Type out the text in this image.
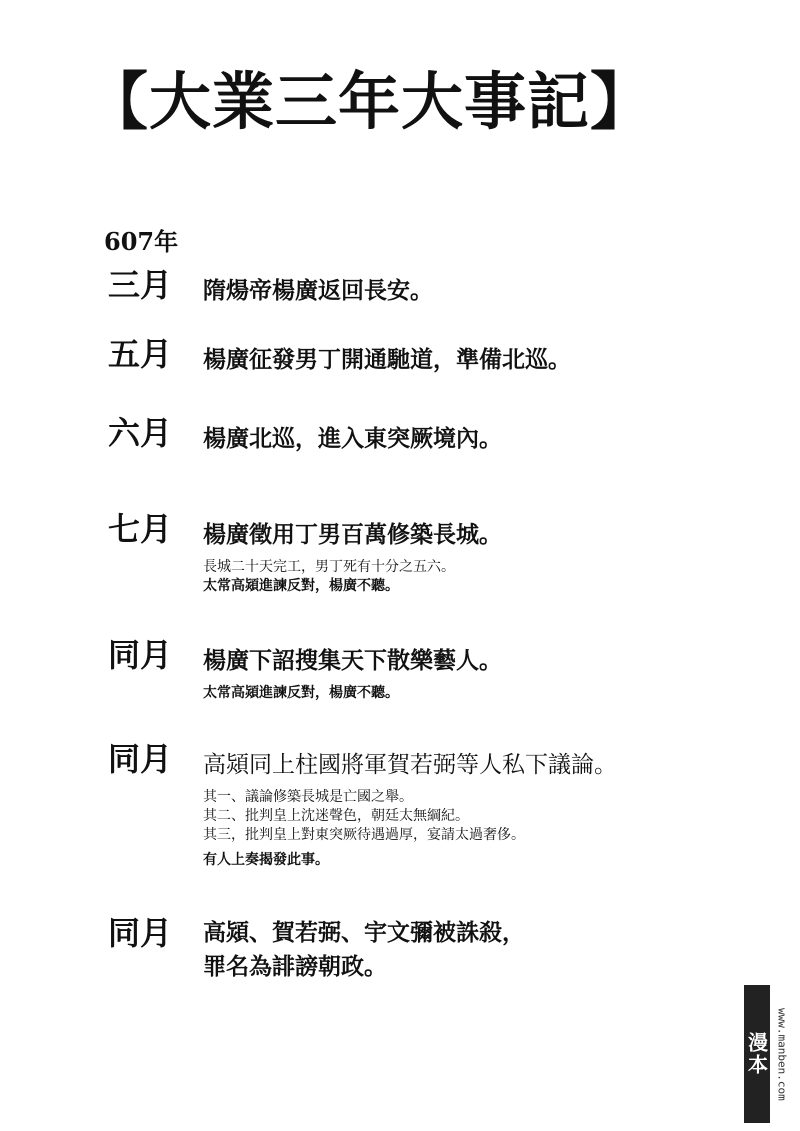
【大業三年大事記】
607年
三月 隋煬帝楊廣返回長安。
五月 楊廣征發男丁開通馳道，準備北巡。
六月 楊廣北巡，進入東突厥境內。
七月 楊廣徵用丁男百萬修築長城。
長城二十天完工，男丁死有十分之五六。
太常高熲進諫反對，楊廣不聽。
同月 楊廣下詔搜集天下散樂藝人。
太常高熲進諫反對，楊廣不聽。
同月 高熲同上柱國將軍賀若弼等人私下議論。
其一、議論修築長城是亡國之舉。
其二、批判皇上沈迷聲色，朝廷太無綱紀。
其三，批判皇上對東突厥待遇過厚，宴請太過奢侈。
有人上奏揭發此事。
同月 高熲、賀若弼、宇文彌被誅殺，
罪名為誹謗朝政。
漫本 www.manben.com
